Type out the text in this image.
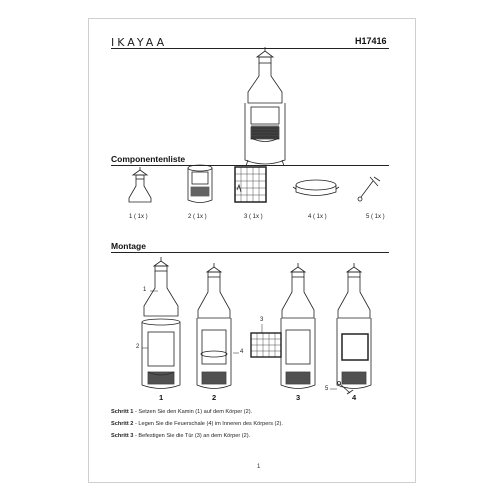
IKAYAA	H17416
Componentenliste
1 ( 1x )	2 ( 1x )	3 ( 1x )	4 ( 1x )	5 ( 1x )
Montage
1
2
3
4
5
1	2	3	4
Schritt 1 - Setzen Sie den Kamin (1) auf dem Körper (2).
Schritt 2 - Legen Sie die Feuerschale (4) im Inneren des Körpers (2).
Schritt 3 - Befestigen Sie die Tür (3) an dem Körper (2).
1
